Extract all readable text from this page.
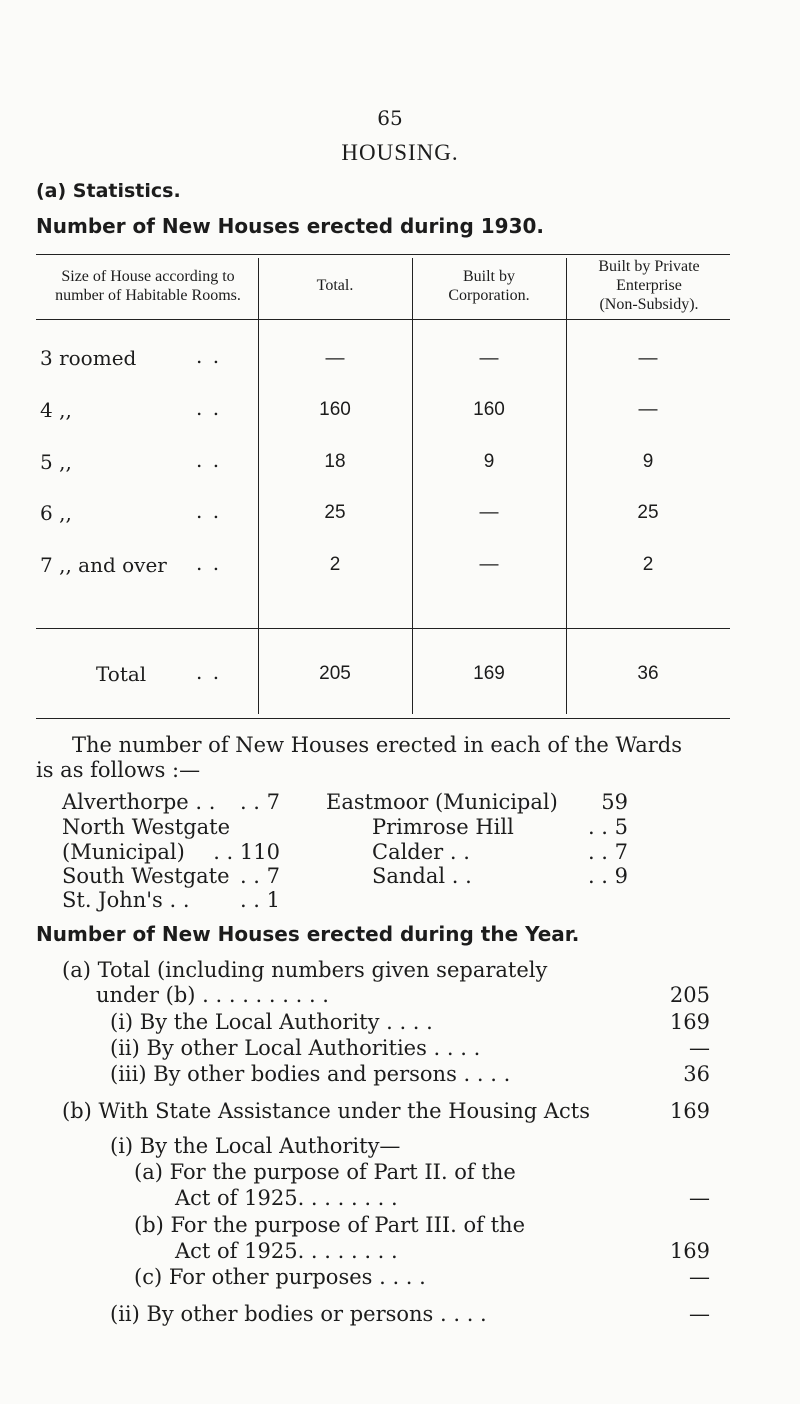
65
HOUSING.
(a) Statistics.
Number of New Houses erected during 1930.
Size of House according to
number of Habitable Rooms.
Total.
Built by
Corporation.
Built by Private
Enterprise
(Non-Subsidy).
3 roomed	. .	—	—	—
4 ,,	. .	160	160	—
5 ,,	. .	18	9	9
6 ,,	. .	25	—	25
7 ,, and over . .	2	—	2
Total . .	205	169	36
The number of New Houses erected in each of the Wards
is as follows :—
Alverthorpe . .	. . 7
North Westgate
(Municipal)	. . 110
South Westgate . . 7
St. John's . .	. . 1
Eastmoor (Municipal)	59
Primrose Hill	. . 5
Calder . .	. . 7
Sandal . .	. . 9
Number of New Houses erected during the Year.
(a) Total (including numbers given separately
under (b) . . . . . . . . . .	205
(i) By the Local Authority . . . .	169
(ii) By other Local Authorities . . . .	—
(iii) By other bodies and persons . . . .	36
(b) With State Assistance under the Housing Acts	169
(i) By the Local Authority—
(a) For the purpose of Part II. of the
Act of 1925. . . . . . . .	—
(b) For the purpose of Part III. of the
Act of 1925. . . . . . . .	169
(c) For other purposes . . . .	—
(ii) By other bodies or persons . . . .	—
